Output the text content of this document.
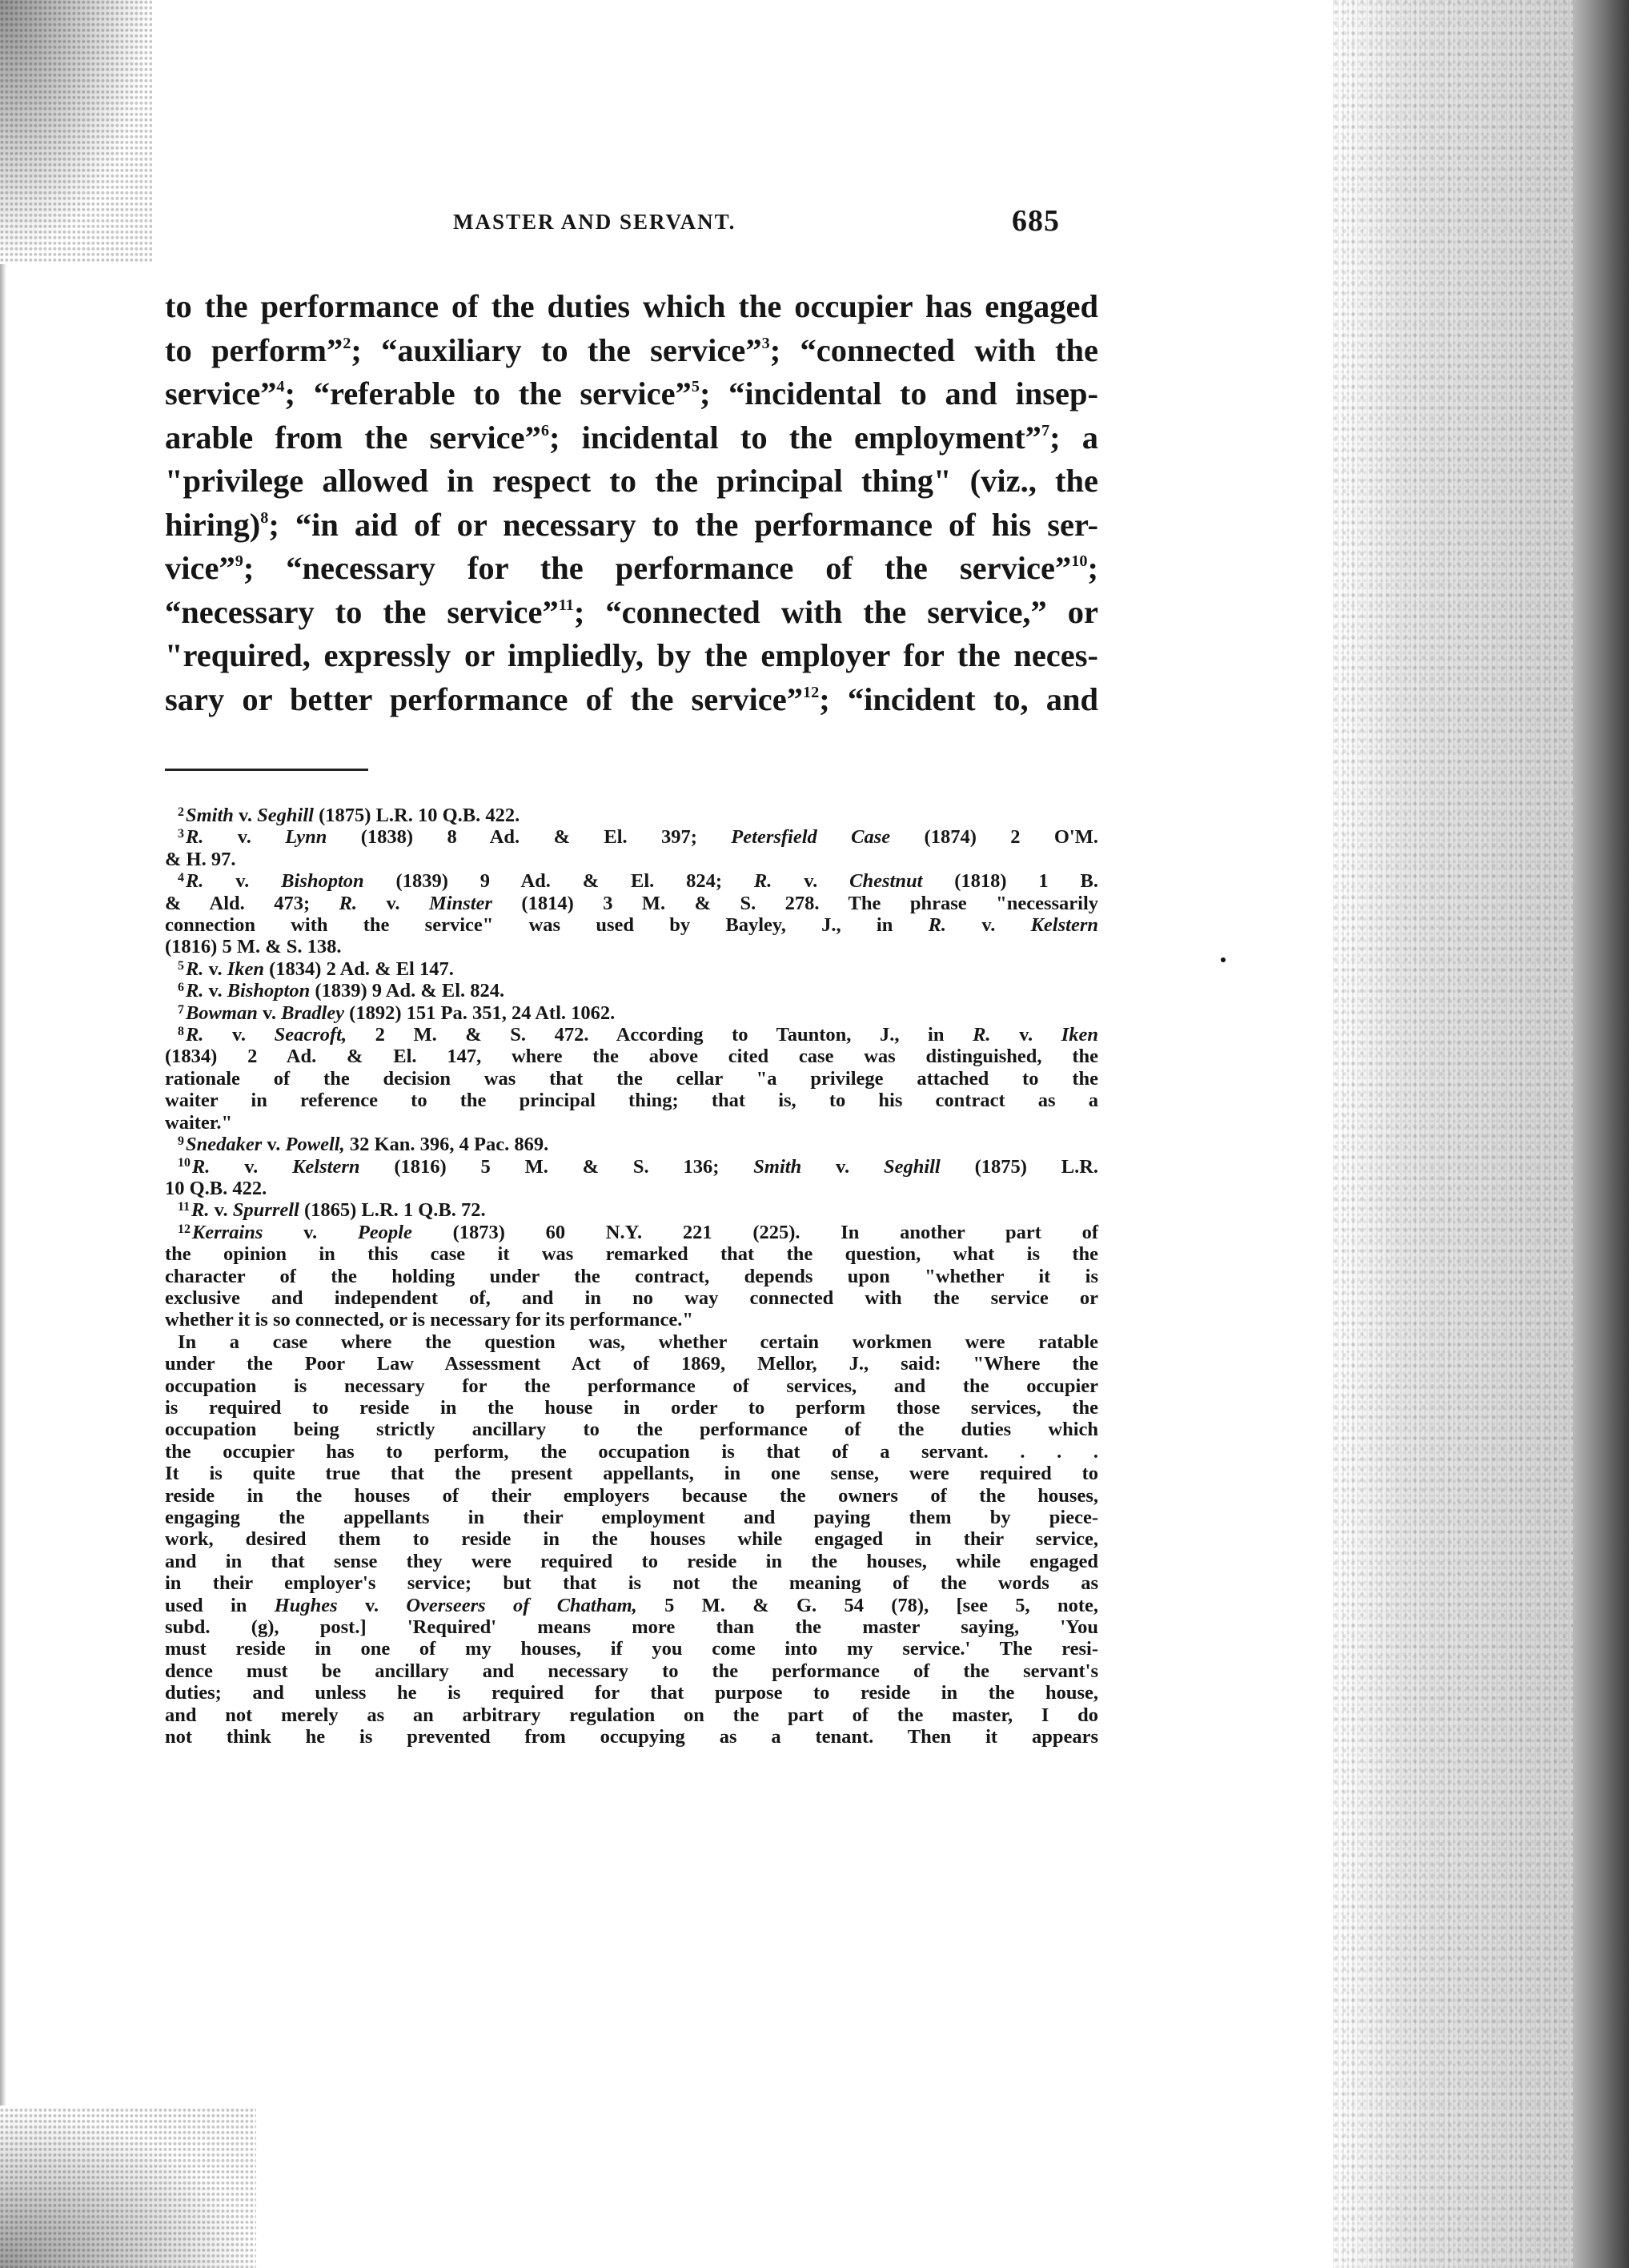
MASTER AND SERVANT.	685
to the performance of the duties which the occupier has engaged
to perform”$^2$; “auxiliary to the service”$^3$; “connected with the
service”$^4$; “referable to the service”$^5$; “incidental to and insep-
arable from the service”$^6$; incidental to the employment”$^7$; a
"privilege allowed in respect to the principal thing" (viz., the
hiring)$^8$; “in aid of or necessary to the performance of his ser-
vice”$^9$; “necessary for the performance of the service”$^{10}$;
“necessary to the service”$^{11}$; “connected with the service,” or
"required, expressly or impliedly, by the employer for the neces-
sary or better performance of the service”$^{12}$; “incident to, and
$^2$Smith v. Seghill (1875) L.R. 10 Q.B. 422.
$^3$R. v. Lynn (1838) 8 Ad. & El. 397; Petersfield Case (1874) 2 O'M.
& H. 97.
$^4$R. v. Bishopton (1839) 9 Ad. & El. 824; R. v. Chestnut (1818) 1 B.
& Ald. 473; R. v. Minster (1814) 3 M. & S. 278. The phrase "necessarily
connection with the service" was used by Bayley, J., in R. v. Kelstern
(1816) 5 M. & S. 138.
$^5$R. v. Iken (1834) 2 Ad. & El 147.
$^6$R. v. Bishopton (1839) 9 Ad. & El. 824.
$^7$Bowman v. Bradley (1892) 151 Pa. 351, 24 Atl. 1062.
$^8$R. v. Seacroft, 2 M. & S. 472. According to Taunton, J., in R. v. Iken
(1834) 2 Ad. & El. 147, where the above cited case was distinguished, the
rationale of the decision was that the cellar "a privilege attached to the
waiter in reference to the principal thing; that is, to his contract as a
waiter."
$^9$Snedaker v. Powell, 32 Kan. 396, 4 Pac. 869.
$^{10}$R. v. Kelstern (1816) 5 M. & S. 136; Smith v. Seghill (1875) L.R.
10 Q.B. 422.
$^{11}$R. v. Spurrell (1865) L.R. 1 Q.B. 72.
$^{12}$Kerrains v. People (1873) 60 N.Y. 221 (225). In another part of
the opinion in this case it was remarked that the question, what is the
character of the holding under the contract, depends upon "whether it is
exclusive and independent of, and in no way connected with the service or
whether it is so connected, or is necessary for its performance."
In a case where the question was, whether certain workmen were ratable
under the Poor Law Assessment Act of 1869, Mellor, J., said: "Where the
occupation is necessary for the performance of services, and the occupier
is required to reside in the house in order to perform those services, the
occupation being strictly ancillary to the performance of the duties which
the occupier has to perform, the occupation is that of a servant. . . .
It is quite true that the present appellants, in one sense, were required to
reside in the houses of their employers because the owners of the houses,
engaging the appellants in their employment and paying them by piece-
work, desired them to reside in the houses while engaged in their service,
and in that sense they were required to reside in the houses, while engaged
in their employer's service; but that is not the meaning of the words as
used in Hughes v. Overseers of Chatham, 5 M. & G. 54 (78), [see 5, note,
subd. (g), post.] 'Required' means more than the master saying, 'You
must reside in one of my houses, if you come into my service.' The resi-
dence must be ancillary and necessary to the performance of the servant's
duties; and unless he is required for that purpose to reside in the house,
and not merely as an arbitrary regulation on the part of the master, I do
not think he is prevented from occupying as a tenant. Then it appears
